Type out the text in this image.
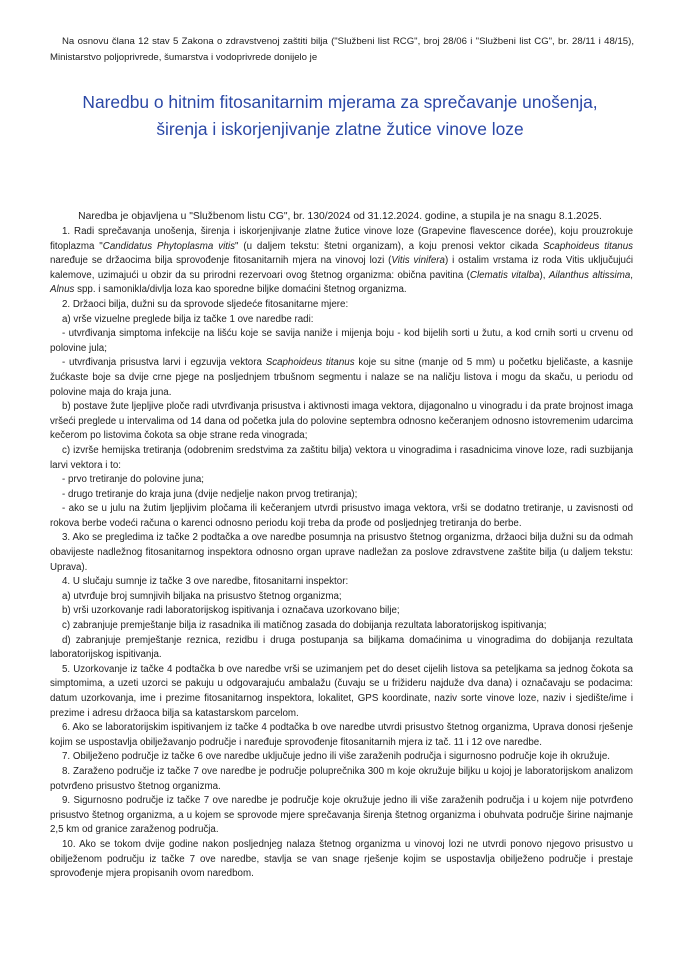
Na osnovu člana 12 stav 5 Zakona o zdravstvenoj zaštiti bilja ("Službeni list RCG", broj 28/06 i "Službeni list CG", br. 28/11 i 48/15), Ministarstvo poljoprivrede, šumarstva i vodoprivrede donijelo je
Naredbu o hitnim fitosanitarnim mjerama za sprečavanje unošenja,
širenja i iskorjenjivanje zlatne žutice vinove loze
Naredba je objavljena u "Službenom listu CG", br. 130/2024 od 31.12.2024. godine, a stupila je na snagu 8.1.2025.

1. Radi sprečavanja unošenja, širenja i iskorjenjivanje zlatne žutice vinove loze (Grapevine flavescence dorée), koju prouzrokuje fitoplazma "Candidatus Phytoplasma vitis" (u daljem tekstu: štetni organizam), a koju prenosi vektor cikada Scaphoideus titanus naređuje se držaocima bilja sprovođenje fitosanitarnih mjera na vinovoj lozi (Vitis vinifera) i ostalim vrstama iz roda Vitis uključujući kalemove, uzimajući u obzir da su prirodni rezervoari ovog štetnog organizma: obična pavitina (Clematis vitalba), Ailanthus altissima, Alnus spp. i samonikla/divlja loza kao sporedne biljke domaćini štetnog organizma.

2. Držaoci bilja, dužni su da sprovode sljedeće fitosanitarne mjere:

a) vrše vizuelne preglede bilja iz tačke 1 ove naredbe radi:

- utvrđivanja simptoma infekcije na lišću koje se savija naniže i mijenja boju - kod bijelih sorti u žutu, a kod crnih sorti u crvenu od polovine jula;

- utvrđivanja prisustva larvi i egzuvija vektora Scaphoideus titanus koje su sitne (manje od 5 mm) u početku bjeličaste, a kasnije žućkaste boje sa dvije crne pjege na posljednjem trbušnom segmentu i nalaze se na naličju listova i mogu da skaču, u periodu od polovine maja do kraja juna.

b) postave žute ljepljive ploče radi utvrđivanja prisustva i aktivnosti imaga vektora, dijagonalno u vinogradu i da prate brojnost imaga vršeći preglede u intervalima od 14 dana od početka jula do polovine septembra odnosno kečeranjem odnosno istovremenim udarcima kečerom po listovima čokota sa obje strane reda vinograda;

c) izvrše hemijska tretiranja (odobrenim sredstvima za zaštitu bilja) vektora u vinogradima i rasadnicima vinove loze, radi suzbijanja larvi vektora i to:

- prvo tretiranje do polovine juna;

- drugo tretiranje do kraja juna (dvije nedjelje nakon prvog tretiranja);

- ako se u julu na žutim ljepljivim pločama ili kečeranjem utvrdi prisustvo imaga vektora, vrši se dodatno tretiranje, u zavisnosti od rokova berbe vodeći računa o karenci odnosno periodu koji treba da prođe od posljednjeg tretiranja do berbe.

3. Ako se pregledima iz tačke 2 podtačka a ove naredbe posumnja na prisustvo štetnog organizma, držaoci bilja dužni su da odmah obavijeste nadležnog fitosanitarnog inspektora odnosno organ uprave nadležan za poslove zdravstvene zaštite bilja (u daljem tekstu: Uprava).

4. U slučaju sumnje iz tačke 3 ove naredbe, fitosanitarni inspektor:

a) utvrđuje broj sumnjivih biljaka na prisustvo štetnog organizma;

b) vrši uzorkovanje radi laboratorijskog ispitivanja i označava uzorkovano bilje;

c) zabranjuje premještanje bilja iz rasadnika ili matičnog zasada do dobijanja rezultata laboratorijskog ispitivanja;

d) zabranjuje premještanje reznica, rezidbu i druga postupanja sa biljkama domaćinima u vinogradima do dobijanja rezultata laboratorijskog ispitivanja.

5. Uzorkovanje iz tačke 4 podtačka b ove naredbe vrši se uzimanjem pet do deset cijelih listova sa peteljkama sa jednog čokota sa simptomima, a uzeti uzorci se pakuju u odgovarajuću ambalažu (čuvaju se u frižideru najduže dva dana) i označavaju se podacima: datum uzorkovanja, ime i prezime fitosanitarnog inspektora, lokalitet, GPS koordinate, naziv sorte vinove loze, naziv i sjedište/ime i prezime i adresu držaoca bilja sa katastarskom parcelom.

6. Ako se laboratorijskim ispitivanjem iz tačke 4 podtačka b ove naredbe utvrdi prisustvo štetnog organizma, Uprava donosi rješenje kojim se uspostavlja obilježavanjo područje i naređuje sprovođenje fitosanitarnih mjera iz tač. 11 i 12 ove naredbe.

7. Obilježeno područje iz tačke 6 ove naredbe uključuje jedno ili više zaraženih područja i sigurnosno područje koje ih okružuje.

8. Zaraženo područje iz tačke 7 ove naredbe je područje poluprečnika 300 m koje okružuje biljku u kojoj je laboratorijskom analizom potvrđeno prisustvo štetnog organizma.

9. Sigurnosno područje iz tačke 7 ove naredbe je područje koje okružuje jedno ili više zaraženih područja i u kojem nije potvrđeno prisustvo štetnog organizma, a u kojem se sprovode mjere sprečavanja širenja štetnog organizma i obuhvata područje širine najmanje 2,5 km od granice zaraženog područja.

10. Ako se tokom dvije godine nakon posljednjeg nalaza štetnog organizma u vinovoj lozi ne utvrdi ponovo njegovo prisustvo u obilježenom području iz tačke 7 ove naredbe, stavlja se van snage rješenje kojim se uspostavlja obilježeno područje i prestaje sprovođenje mjera propisanih ovom naredbom.
